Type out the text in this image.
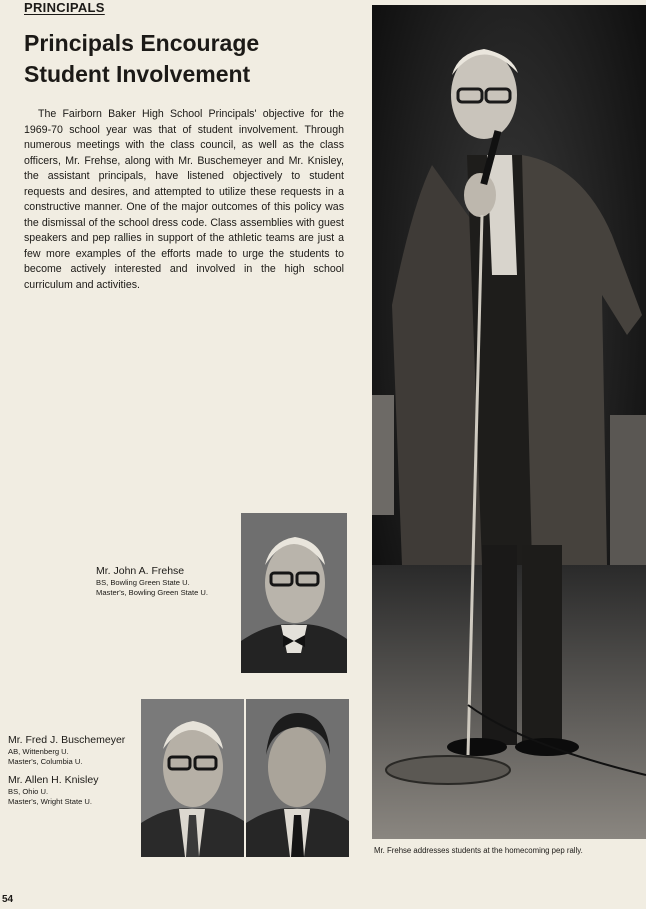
PRINCIPALS
Principals Encourage
Student Involvement

The Fairborn Baker High School Principals' objective for the 1969-70 school year was that of student involvement. Through numerous meetings with the class council, as well as the class officers, Mr. Frehse, along with Mr. Buschemeyer and Mr. Knisley, the assistant principals, have listened objectively to student requests and desires, and attempted to utilize these requests in a constructive manner. One of the major outcomes of this policy was the dismissal of the school dress code. Class assemblies with guest speakers and pep rallies in support of the athletic teams are just a few more examples of the efforts made to urge the students to become actively interested and involved in the high school curriculum and activities.

Mr. Frehse addresses students at the homecoming pep rally.
Mr. John A. Frehse
BS, Bowling Green State U.
Master's, Bowling Green State U.
Mr. Fred J. Buschemeyer
AB, Wittenberg U.
Master's, Columbia U.
Mr. Allen H. Knisley
BS, Ohio U.
Master's, Wright State U.
54
